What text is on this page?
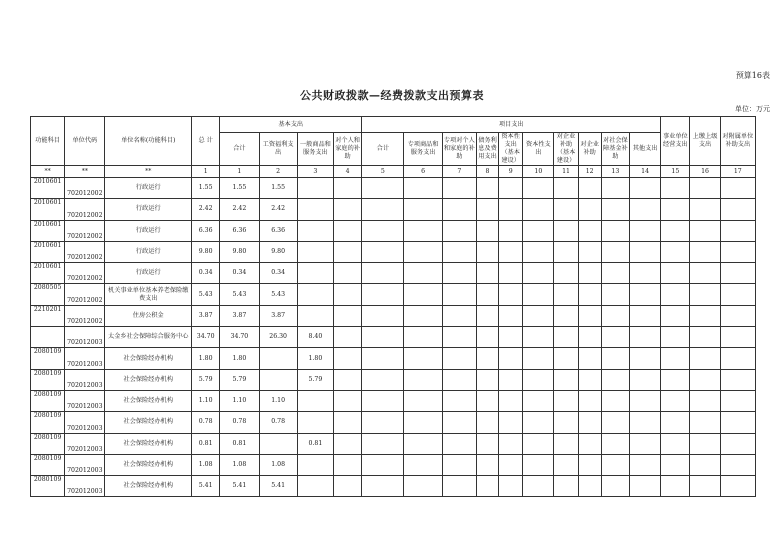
预算16表
公共财政拨款—经费拨款支出预算表
单位：万元
功能科目	单位代码	单位名称(功能科目)	总 计	基本支出				项目支出										事业单位经营支出	上缴上级支出	对附属单位补助支出
				合计	工资福利支出	一般商品和服务支出	对个人和家庭的补助	合计	专项商品和服务支出	专项对个人和家庭的补助	债务利息及费用支出	资本性支出（基本建设）	资本性支出	对企业补助（基本建设）	对企业补助	对社会保障基金补助	其他支出			
**	**	**	1	1	2	3	4	5	6	7	8	9	10	11	12	13	14	15	16	17
2010601	702012002	行政运行	1.55	1.55	1.55															
2010601	702012002	行政运行	2.42	2.42	2.42															
2010601	702012002	行政运行	6.36	6.36	6.36															
2010601	702012002	行政运行	9.80	9.80	9.80															
2010601	702012002	行政运行	0.34	0.34	0.34															
2080505	702012002	机关事业单位基本养老保险缴费支出	5.43	5.43	5.43															
2210201	702012002	住房公积金	3.87	3.87	3.87															
	702012003	太金乡社会保障综合服务中心	34.70	34.70	26.30	8.40														
2080109	702012003	社会保险经办机构	1.80	1.80		1.80														
2080109	702012003	社会保险经办机构	5.79	5.79		5.79														
2080109	702012003	社会保险经办机构	1.10	1.10	1.10															
2080109	702012003	社会保险经办机构	0.78	0.78	0.78															
2080109	702012003	社会保险经办机构	0.81	0.81		0.81														
2080109	702012003	社会保险经办机构	1.08	1.08	1.08															
2080109	702012003	社会保险经办机构	5.41	5.41	5.41															
